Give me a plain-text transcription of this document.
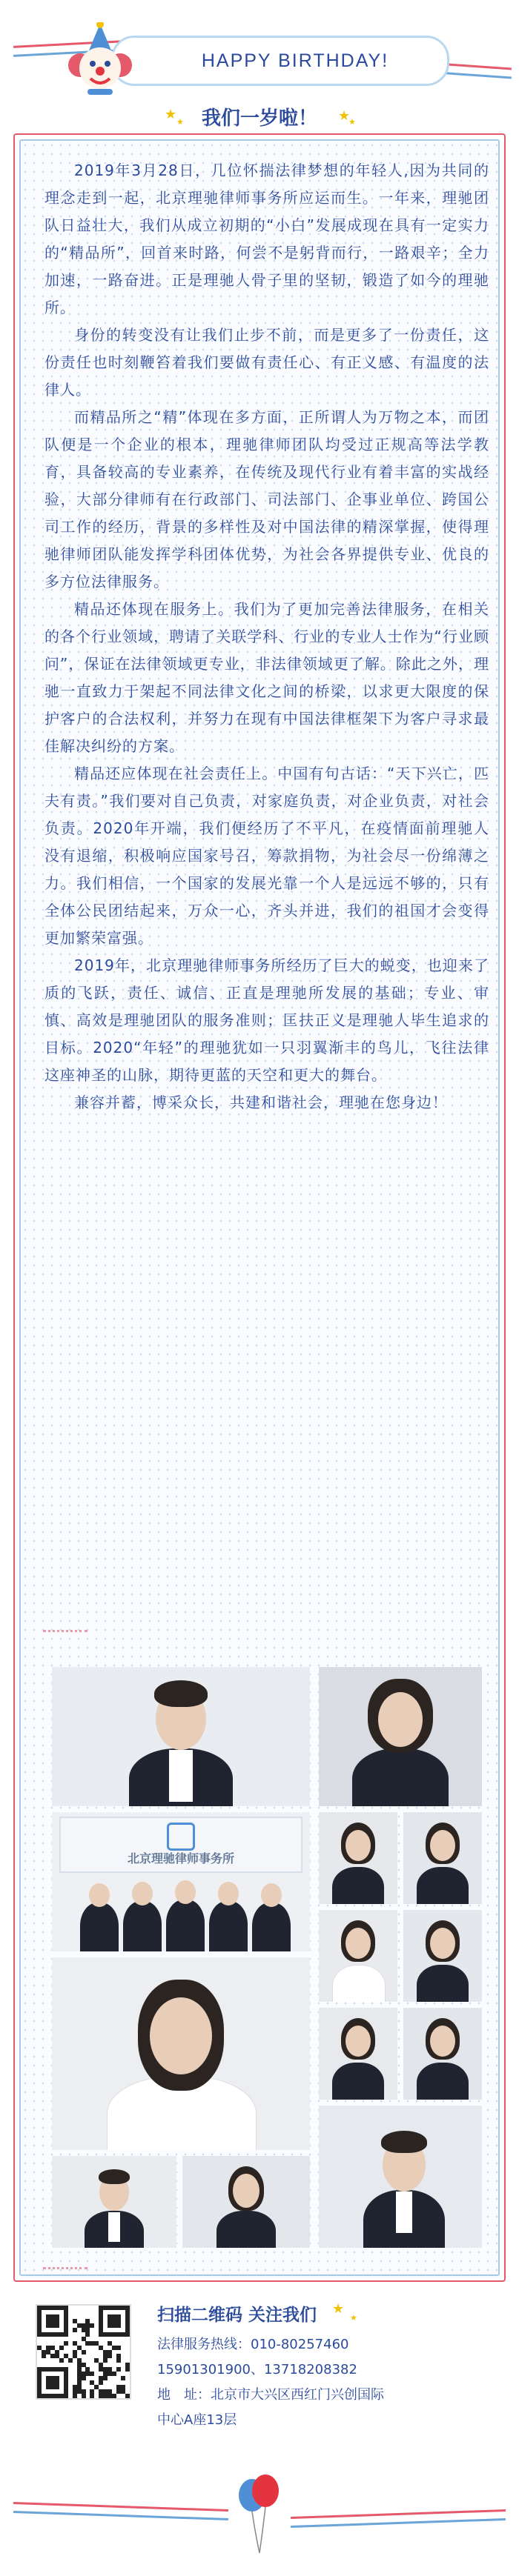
HAPPY BIRTHDAY!
★ ★ 我们一岁啦！	★
★

2019年3月28日，几位怀揣法律梦想的年轻人,因为共同的理念走到一起，北京理驰律师事务所应运而生。一年来，理驰团队日益壮大，我们从成立初期的“小白”发展成现在具有一定实力的“精品所”，回首来时路，何尝不是躬背而行，一路艰辛；全力加速，一路奋进。正是理驰人骨子里的坚韧，锻造了如今的理驰所。

身份的转变没有让我们止步不前，而是更多了一份责任，这份责任也时刻鞭笞着我们要做有责任心、有正义感、有温度的法律人。

而精品所之“精”体现在多方面，正所谓人为万物之本，而团队便是一个企业的根本，理驰律师团队均受过正规高等法学教育，具备较高的专业素养，在传统及现代行业有着丰富的实战经验，大部分律师有在行政部门、司法部门、企事业单位、跨国公司工作的经历，背景的多样性及对中国法律的精深掌握，使得理驰律师团队能发挥学科团体优势，为社会各界提供专业、优良的多方位法律服务。

精品还体现在服务上。我们为了更加完善法律服务，在相关的各个行业领域，聘请了关联学科、行业的专业人士作为“行业顾问”，保证在法律领域更专业，非法律领域更了解。除此之外，理驰一直致力于架起不同法律文化之间的桥梁，以求更大限度的保护客户的合法权利，并努力在现有中国法律框架下为客户寻求最佳解决纠纷的方案。

精品还应体现在社会责任上。中国有句古话：“天下兴亡，匹夫有责。”我们要对自己负责，对家庭负责，对企业负责，对社会负责。2020年开端，我们便经历了不平凡，在疫情面前理驰人没有退缩，积极响应国家号召，筹款捐物，为社会尽一份绵薄之力。我们相信，一个国家的发展光靠一个人是远远不够的，只有全体公民团结起来，万众一心，齐头并进，我们的祖国才会变得更加繁荣富强。

2019年，北京理驰律师事务所经历了巨大的蜕变，也迎来了质的飞跃，责任、诚信、正直是理驰所发展的基础；专业、审慎、高效是理驰团队的服务准则；匡扶正义是理驰人毕生追求的目标。2020“年轻”的理驰犹如一只羽翼渐丰的鸟儿，飞往法律这座神圣的山脉，期待更蓝的天空和更大的舞台。

兼容并蓄，博采众长，共建和谐社会，理驰在您身边！

北京理驰律师事务所
扫描二维码 关注我们 ★
★
法律服务热线：010-80257460
15901301900、13718208382
地　址：北京市大兴区西红门兴创国际
中心A座13层
